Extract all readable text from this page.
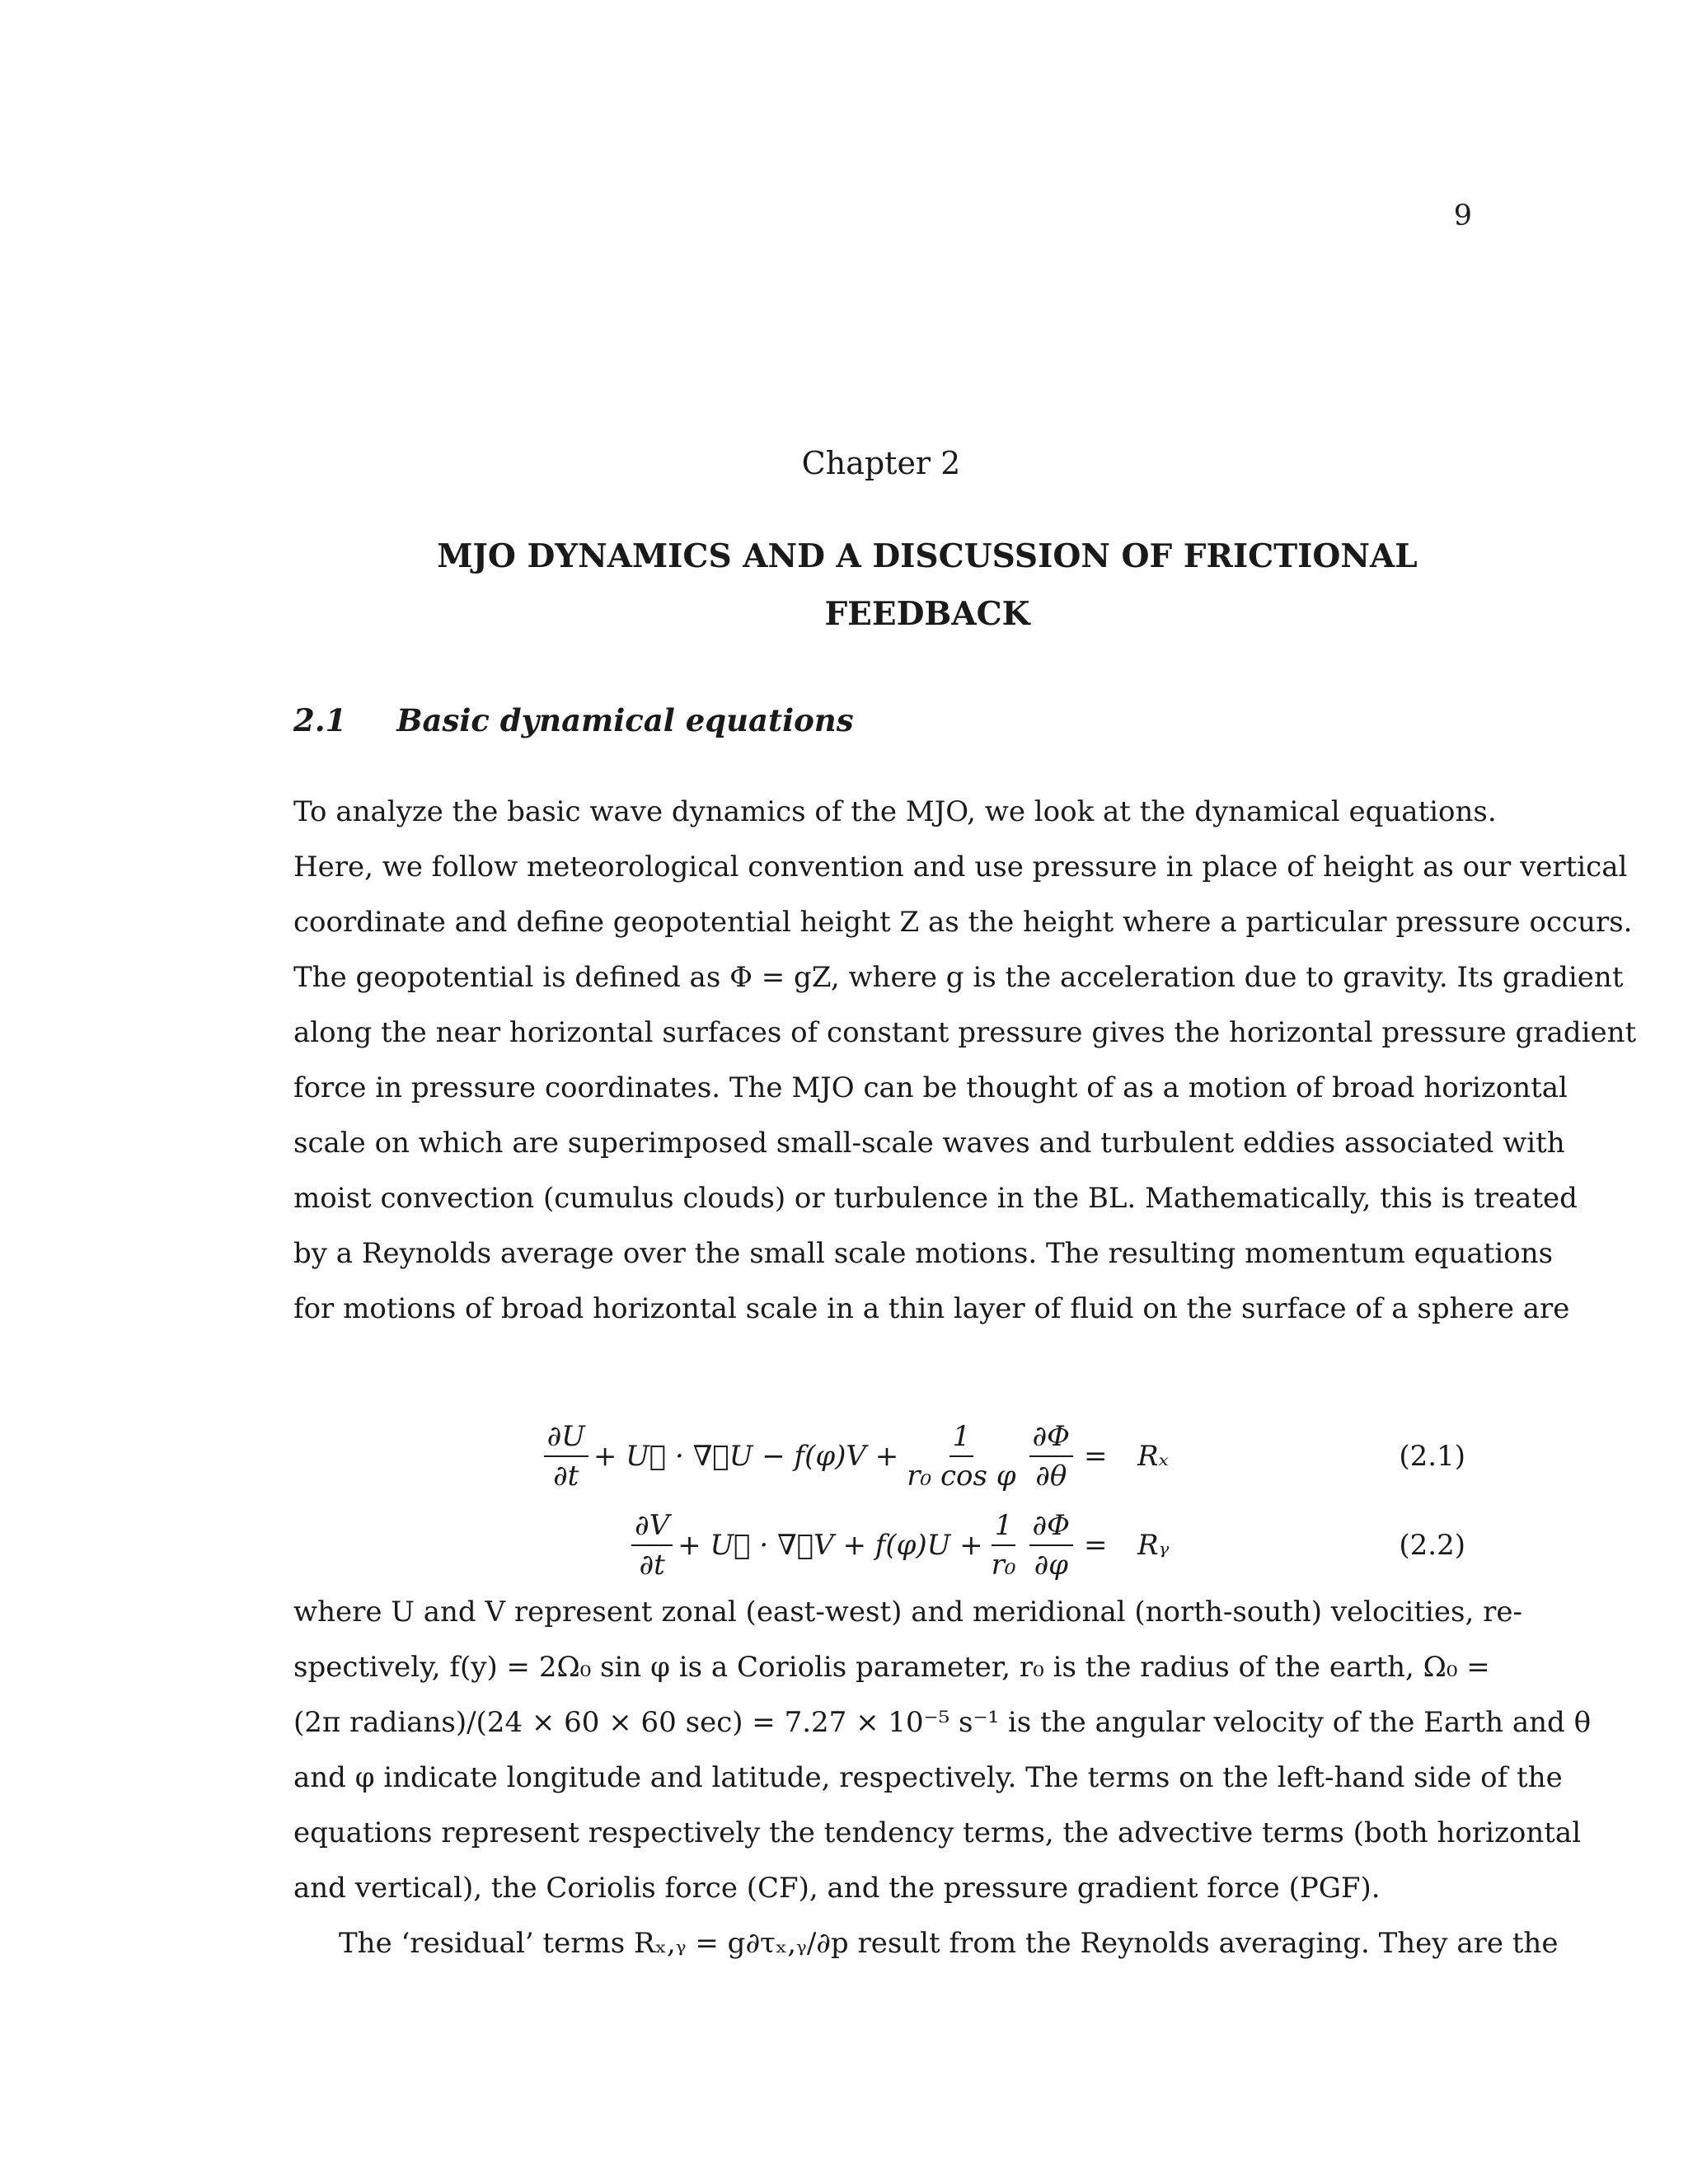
9
Chapter 2
MJO DYNAMICS AND A DISCUSSION OF FRICTIONAL
FEEDBACK
2.1 Basic dynamical equations
To analyze the basic wave dynamics of the MJO, we look at the dynamical equations.
Here, we follow meteorological convention and use pressure in place of height as our vertical
coordinate and define geopotential height Z as the height where a particular pressure occurs.
The geopotential is defined as Φ = gZ, where g is the acceleration due to gravity. Its gradient
along the near horizontal surfaces of constant pressure gives the horizontal pressure gradient
force in pressure coordinates. The MJO can be thought of as a motion of broad horizontal
scale on which are superimposed small-scale waves and turbulent eddies associated with
moist convection (cumulus clouds) or turbulence in the BL. Mathematically, this is treated
by a Reynolds average over the small scale motions. The resulting momentum equations
for motions of broad horizontal scale in a thin layer of fluid on the surface of a sphere are
$\frac{\partial U}{\partial t}$ + U⃗ · ∇⃗U − $f(\varphi)V + \frac{1}{\text{r₀ cos φ}} \frac{\partial\Phi}{\partial\theta} = R_x$	(2.1)
$\frac{\partial V}{\partial t}$ + U⃗ · ∇⃗V + $f(\varphi)U + \frac{1}{\text{r₀}} \frac{\partial\Phi}{\partial\varphi}$ = Rᵧ	(2.2)
where U and V represent zonal (east-west) and meridional (north-south) velocities, re-
spectively, f(y) = 2Ω₀ sin φ is a Coriolis parameter, r₀ is the radius of the earth, Ω₀ =
(2π radians)/(24 × 60 × 60 sec) = 7.27 × 10⁻⁵ s⁻¹ is the angular velocity of the Earth and θ
and φ indicate longitude and latitude, respectively. The terms on the left-hand side of the
equations represent respectively the tendency terms, the advective terms (both horizontal
and vertical), the Coriolis force (CF), and the pressure gradient force (PGF).
The ‘residual’ terms Rₓ,ᵧ = g∂τₓ,ᵧ/∂p result from the Reynolds averaging. They are the
